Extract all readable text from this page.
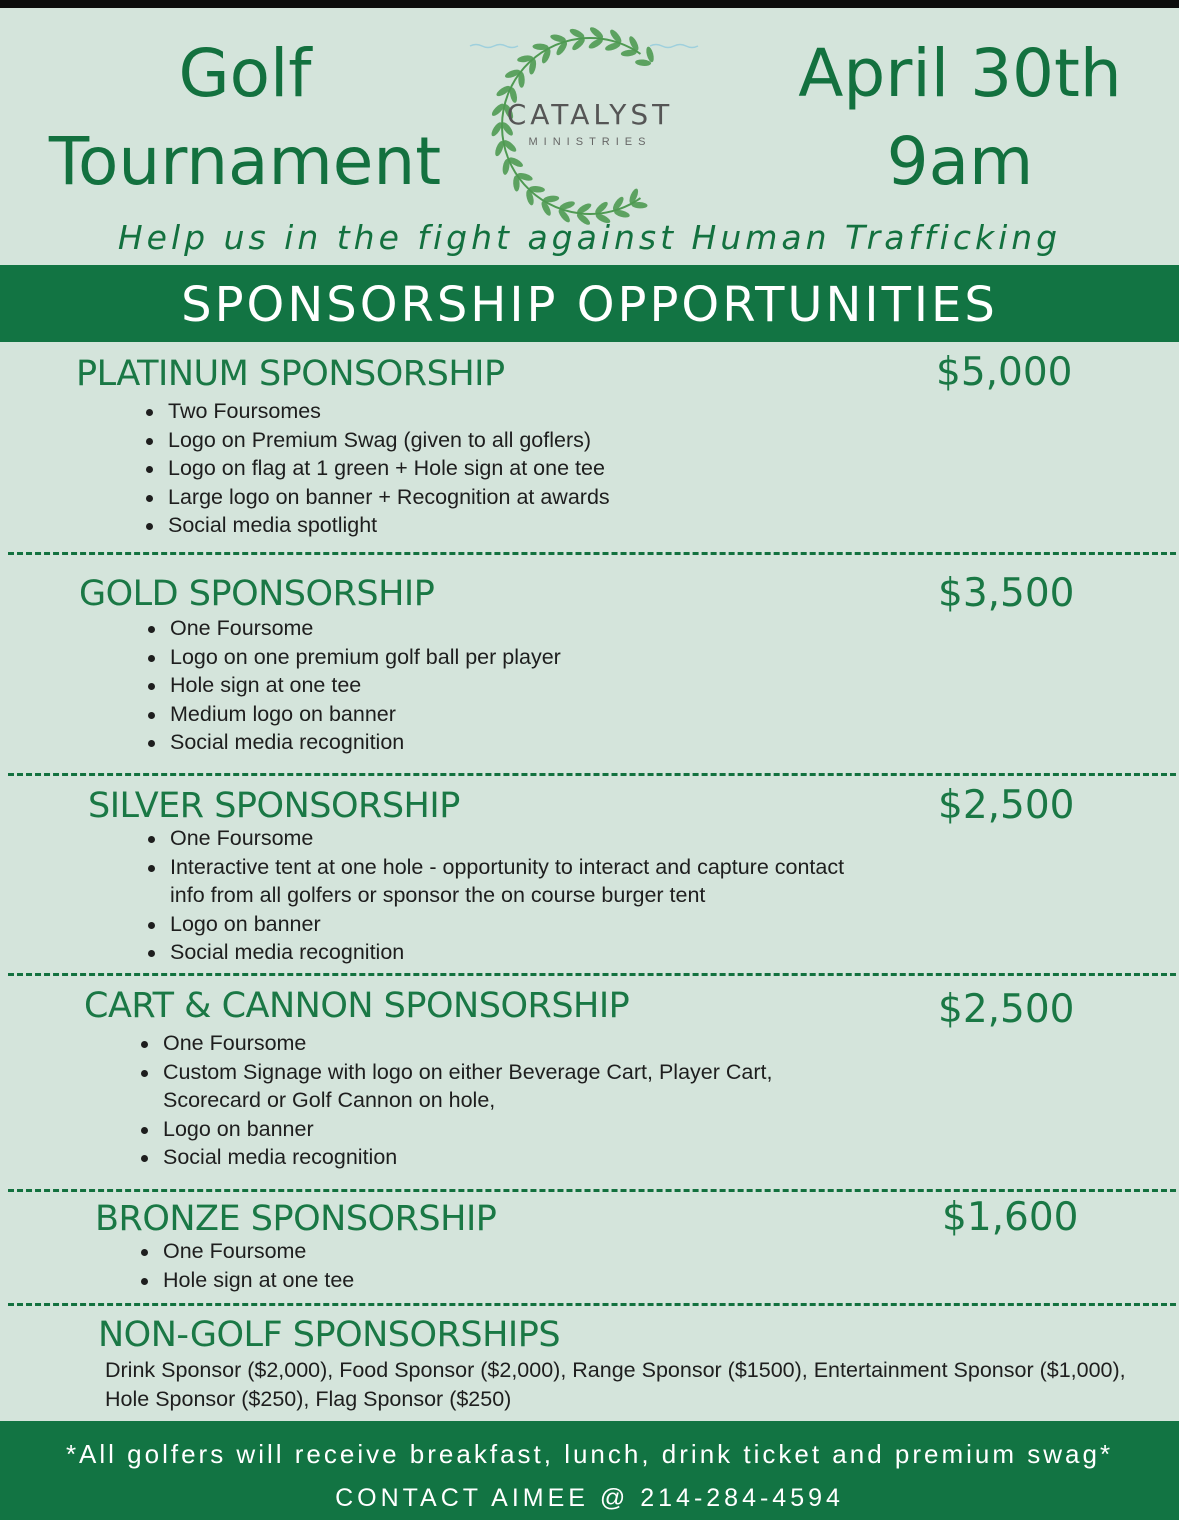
Golf
Tournament
CATALYST
MINISTRIES
April 30th
9am
Help us in the fight against Human Trafficking
SPONSORSHIP OPPORTUNITIES
PLATINUM SPONSORSHIP	$5,000
Two Foursomes
Logo on Premium Swag (given to all goflers)
Logo on flag at 1 green + Hole sign at one tee
Large logo on banner + Recognition at awards
Social media spotlight
GOLD SPONSORSHIP	$3,500
One Foursome
Logo on one premium golf ball per player
Hole sign at one tee
Medium logo on banner
Social media recognition
SILVER SPONSORSHIP	$2,500
One Foursome
Interactive tent at one hole - opportunity to interact and capture contact
info from all golfers or sponsor the on course burger tent
Logo on banner
Social media recognition
CART & CANNON SPONSORSHIP	$2,500
One Foursome
Custom Signage with logo on either Beverage Cart, Player Cart,
Scorecard or Golf Cannon on hole,
Logo on banner
Social media recognition
BRONZE SPONSORSHIP	$1,600
One Foursome
Hole sign at one tee
NON-GOLF SPONSORSHIPS
Drink Sponsor ($2,000), Food Sponsor ($2,000), Range Sponsor ($1500), Entertainment Sponsor ($1,000), Hole Sponsor ($250), Flag Sponsor ($250)
*All golfers will receive breakfast, lunch, drink ticket and premium swag*
CONTACT AIMEE @ 214-284-4594
